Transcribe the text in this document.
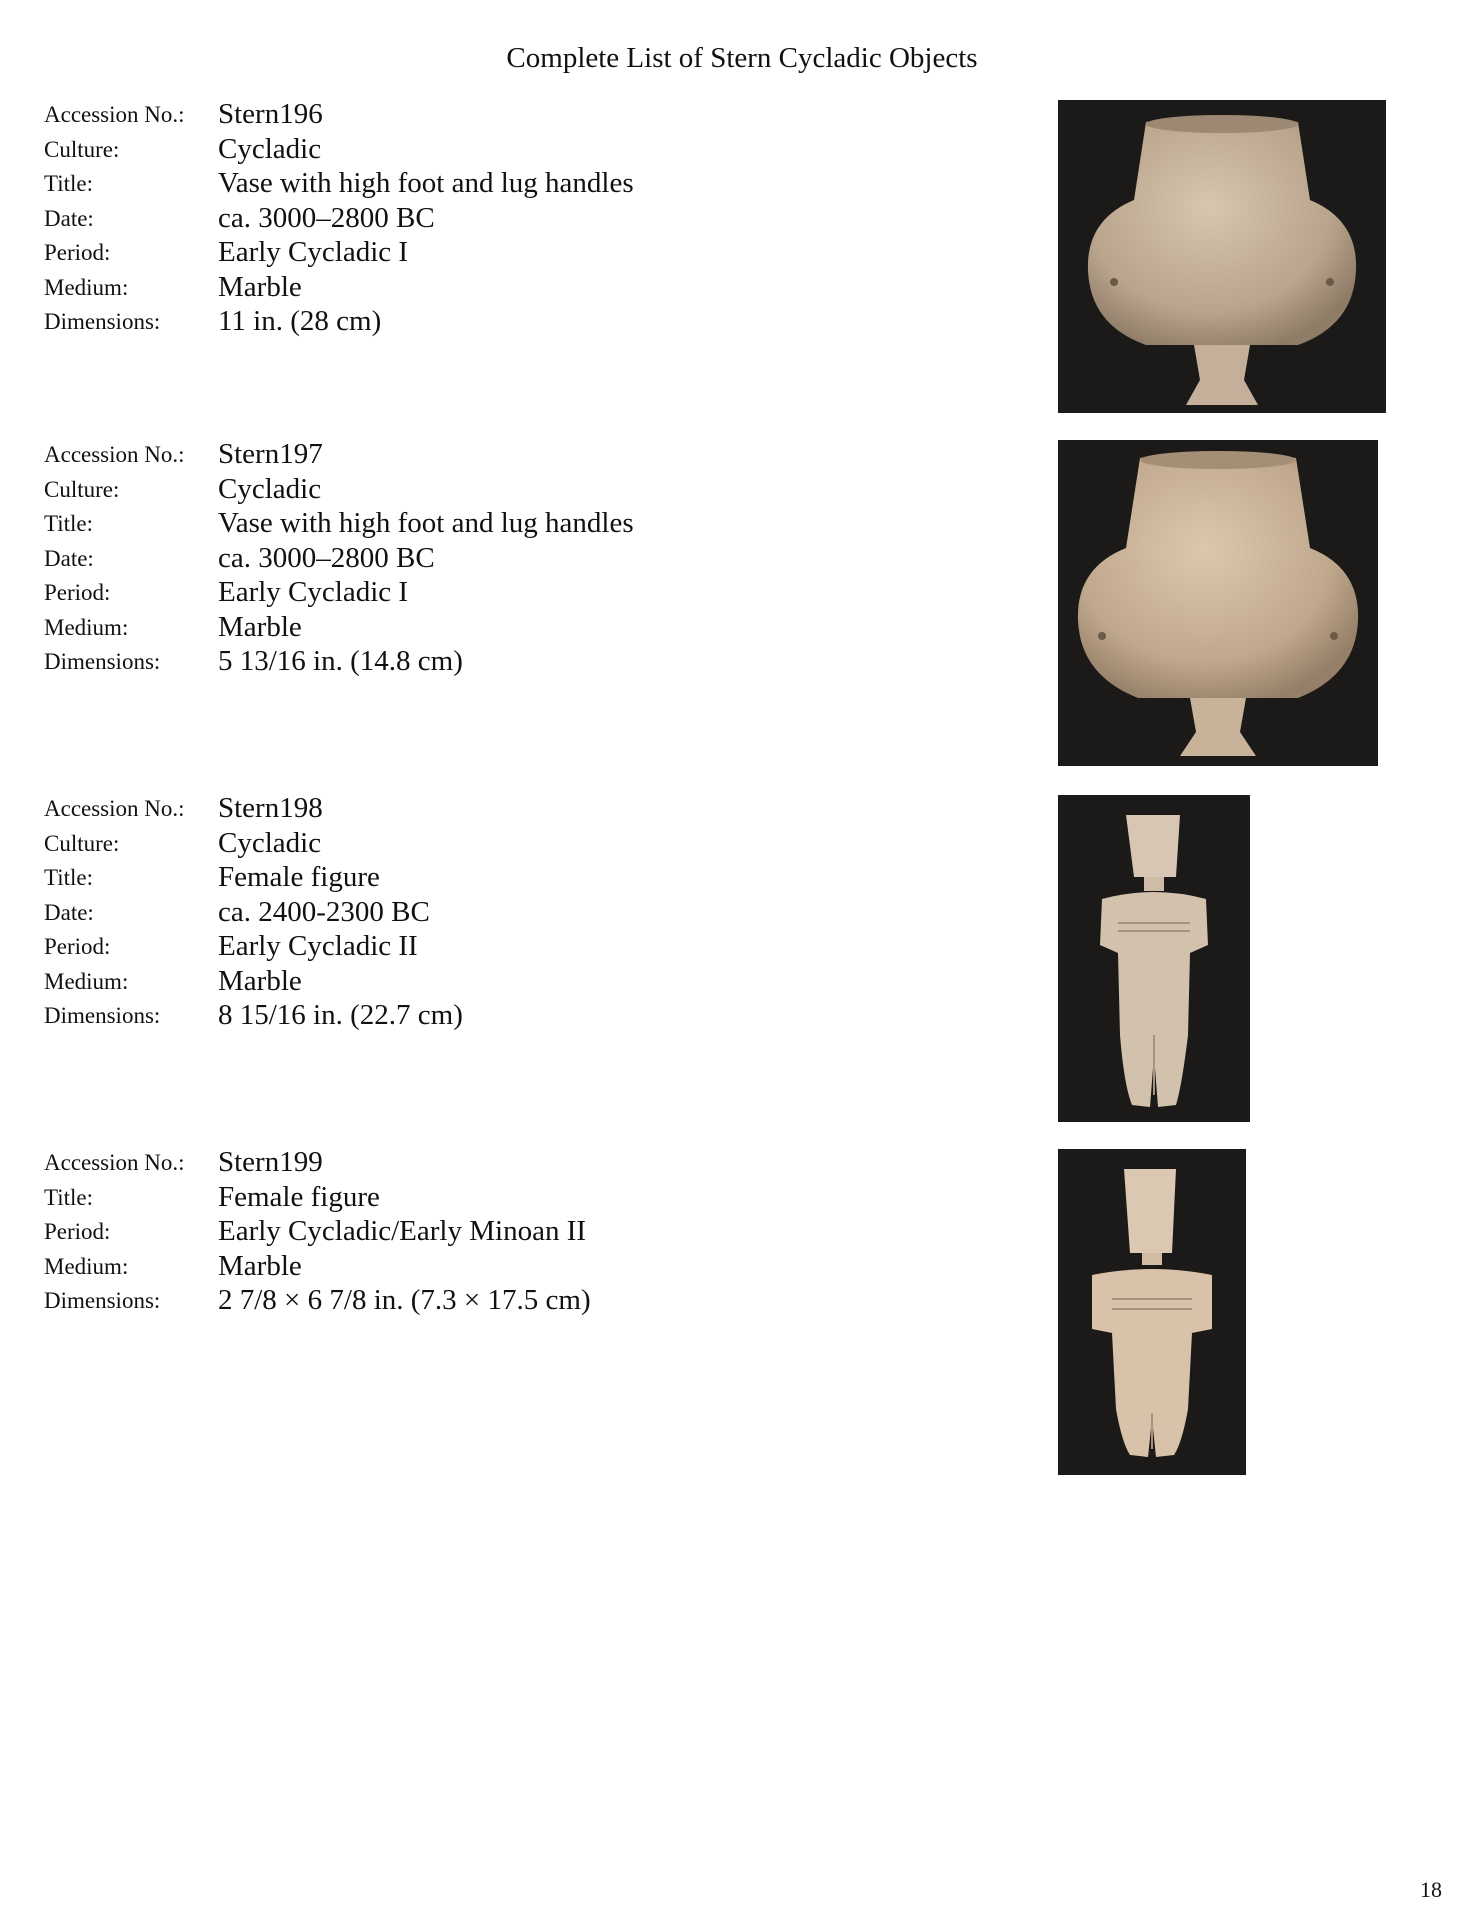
Complete List of Stern Cycladic Objects
Accession No.: Stern196
Culture:	Cycladic
Title:	Vase with high foot and lug handles
Date:	ca. 3000–2800 BC
Period:	Early Cycladic I
Medium:	Marble
Dimensions: 11 in. (28 cm)
Accession No.: Stern197
Culture:	Cycladic
Title:	Vase with high foot and lug handles
Date:	ca. 3000–2800 BC
Period:	Early Cycladic I
Medium:	Marble
Dimensions: 5 13/16 in. (14.8 cm)
Accession No.: Stern198
Culture:	Cycladic
Title:	Female figure
Date:	ca. 2400-2300 BC
Period:	Early Cycladic II
Medium:	Marble
Dimensions: 8 15/16 in. (22.7 cm)
Accession No.: Stern199
Title:	Female figure
Period:	Early Cycladic/Early Minoan II
Medium:	Marble
Dimensions: 2 7/8 × 6 7/8 in. (7.3 × 17.5 cm)
18
